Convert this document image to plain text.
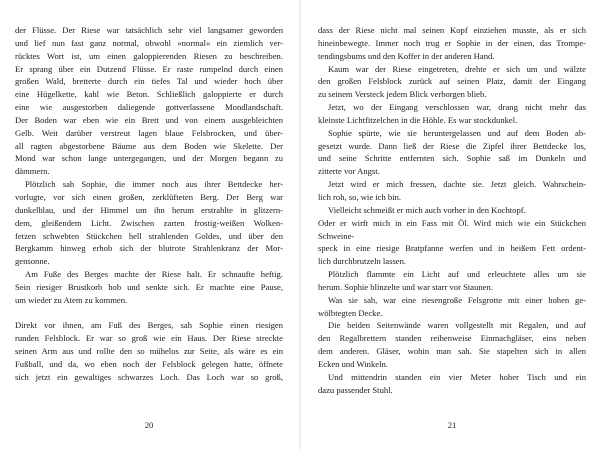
der Flüsse. Der Riese war tatsächlich sehr viel langsamer geworden

und lief nun fast ganz normal, obwohl »normal« ein ziemlich ver-

rücktes Wort ist, um einen galoppierenden Riesen zu beschreiben.

Er sprang über ein Dutzend Flüsse. Er raste rumpelnd durch einen

großen Wald, bretterte durch ein tiefes Tal und wieder hoch über

eine Hügelkette, kahl wie Beton. Schließlich galoppierte er durch

eine wie ausgestorben daliegende gottverlassene Mondlandschaft.

Der Boden war eben wie ein Brett und von einem ausgebleichten

Gelb. Weit darüber verstreut lagen blaue Felsbrocken, und über-

all ragten abgestorbene Bäume aus dem Boden wie Skelette. Der

Mond war schon lange untergegangen, und der Morgen begann zu

dämmern.

Plötzlich sah Sophie, die immer noch aus ihrer Bettdecke her-

vorlugte, vor sich einen großen, zerklüfteten Berg. Der Berg war

dunkelblau, und der Himmel um ihn herum erstrahlte in glitzern-

dem, gleißendem Licht. Zwischen zarten frostig-weißen Wolken-

fetzen schwebten Stückchen hell strahlenden Goldes, und über den

Bergkamm hinweg erhob sich der blutrote Strahlenkranz der Mor-

gensonne.

Am Fuße des Berges machte der Riese halt. Er schnaufte heftig.

Sein riesiger Brustkorb hob und senkte sich. Er machte eine Pause,

um wieder zu Atem zu kommen.

Direkt vor ihnen, am Fuß des Berges, sah Sophie einen riesigen

runden Felsblock. Er war so groß wie ein Haus. Der Riese streckte

seinen Arm aus und rollte den so mühelos zur Seite, als wäre es ein

Fußball, und da, wo eben noch der Felsblock gelegen hatte, öffnete

sich jetzt ein gewaltiges schwarzes Loch. Das Loch war so groß,

dass der Riese nicht mal seinen Kopf einziehen musste, als er sich

hineinbewegte. Immer noch trug er Sophie in der einen, das Trompe-

tendingsbums und den Koffer in der anderen Hand.

Kaum war der Riese eingetreten, drehte er sich um und wälzte

den großen Felsblock zurück auf seinen Platz, damit der Eingang

zu seinem Versteck jedem Blick verborgen blieb.

Jetzt, wo der Eingang verschlossen war, drang nicht mehr das

kleinste Lichtfitzelchen in die Höhle. Es war stockdunkel.

Sophie spürte, wie sie heruntergelassen und auf dem Boden ab-

gesetzt wurde. Dann ließ der Riese die Zipfel ihrer Bettdecke los,

und seine Schritte entfernten sich. Sophie saß im Dunkeln und

zitterte vor Angst.

Jetzt wird er mich fressen, dachte sie. Jetzt gleich. Wahrschein-

lich roh, so, wie ich bin.

Vielleicht schmeißt er mich auch vorher in den Kochtopf.

Oder er wirft mich in ein Fass mit Öl. Wird mich wie ein Stückchen Schweine-

speck in eine riesige Bratpfanne werfen und in heißem Fett ordent-

lich durchbrutzeln lassen.

Plötzlich flammte ein Licht auf und erleuchtete alles um sie

herum. Sophie blinzelte und war starr vor Staunen.

Was sie sah, war eine riesengroße Felsgrotte mit einer hohen ge-

wölbtegten Decke.

Die beiden Seitenwände waren vollgestellt mit Regalen, und auf

den Regalbrettern standen reihenweise Einmachgläser, eins neben

dem anderen. Gläser, wohin man sah. Sie stapelten sich in allen

Ecken und Winkeln.

Und mittendrin standen ein vier Meter hoher Tisch und ein

dazu passender Stuhl.

20	21
